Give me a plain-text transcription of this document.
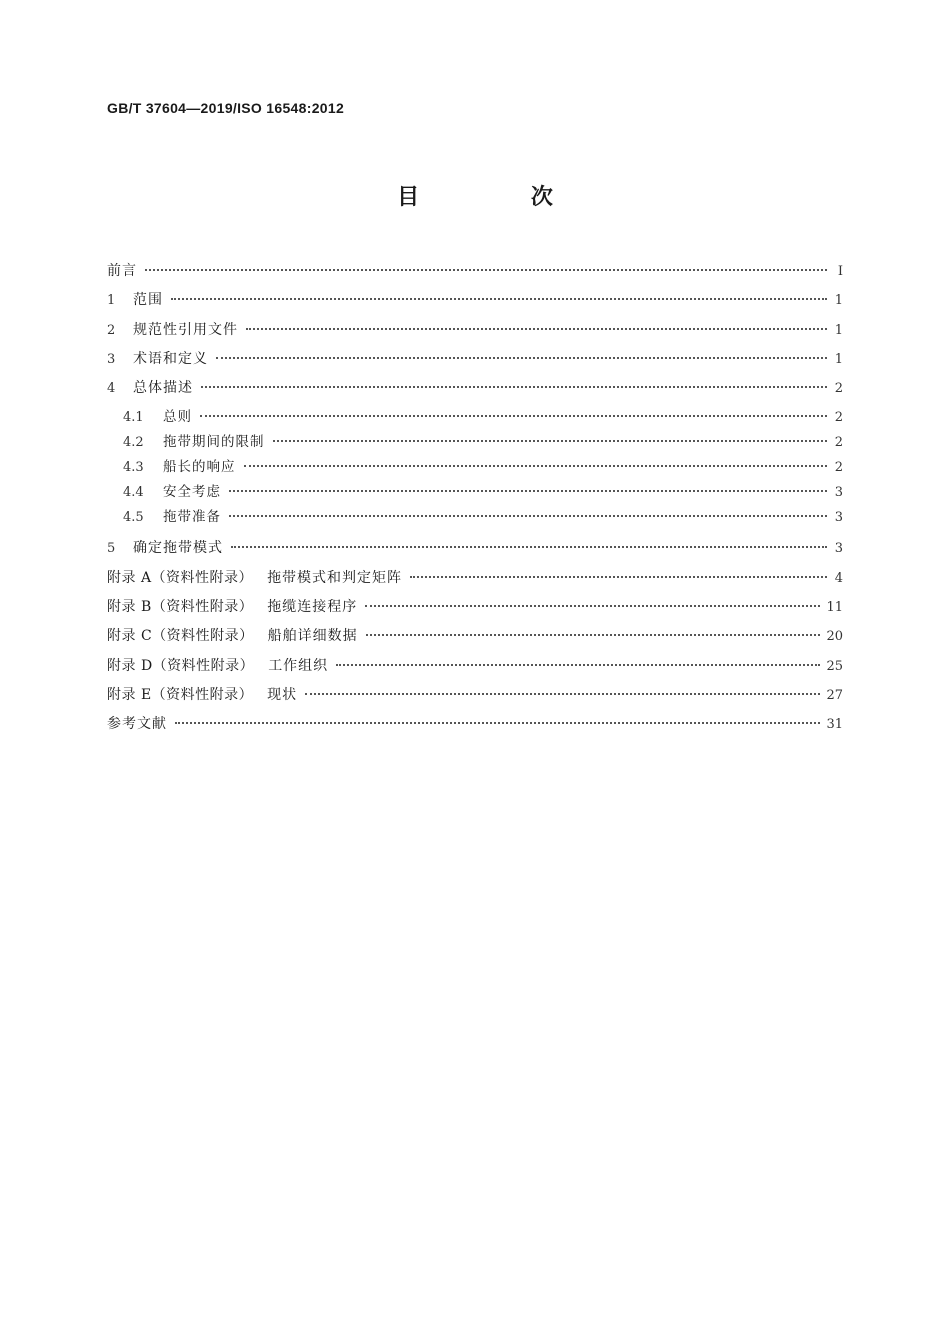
GB/T 37604—2019/ISO 16548:2012
目 次
前言	Ⅰ
1	范围	1
2	规范性引用文件	1
3	术语和定义	1
4	总体描述	2
4.1	总则	2
4.2	拖带期间的限制	2
4.3	船长的响应	2
4.4	安全考虑	3
4.5	拖带准备	3
5	确定拖带模式	3
附录 A（资料性附录） 拖带模式和判定矩阵	4
附录 B（资料性附录） 拖缆连接程序	11
附录 C（资料性附录） 船舶详细数据	20
附录 D（资料性附录） 工作组织	25
附录 E（资料性附录） 现状	27
参考文献	31
